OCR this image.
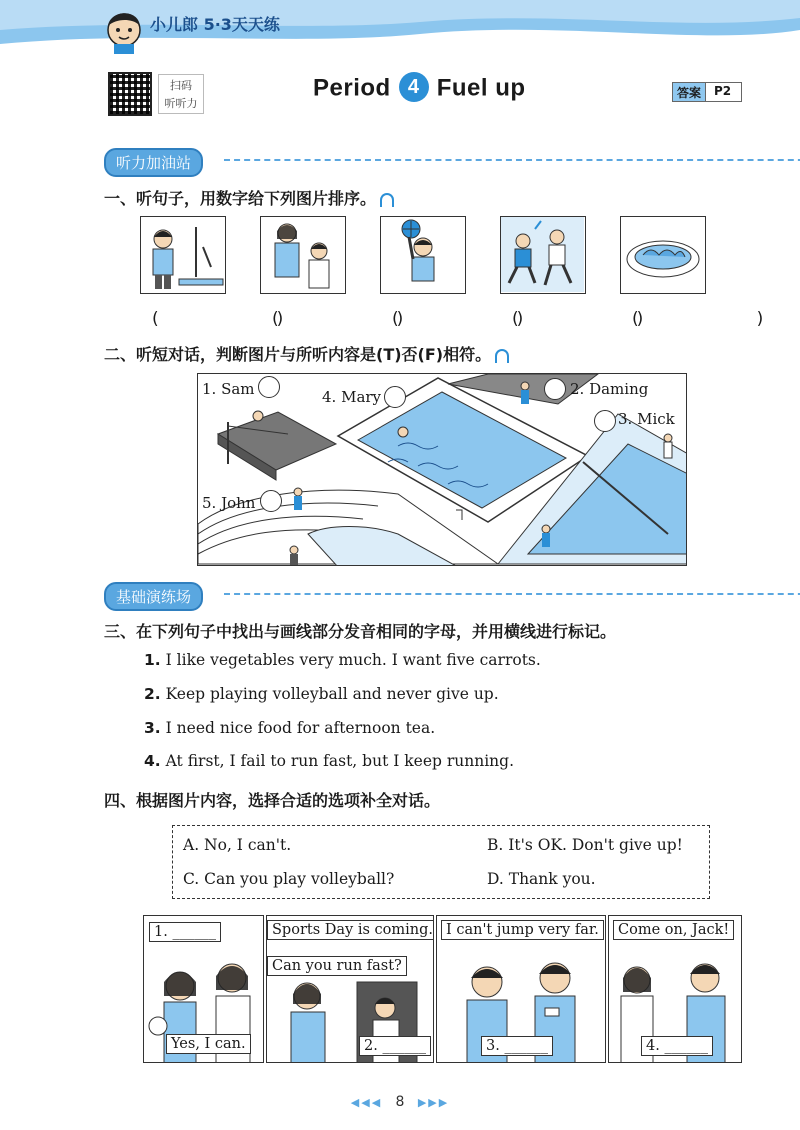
小儿郎 5·3天天练
扫码
听听力
Period 4 Fuel up	答案	P2
听力加油站
一、听句子，用数字给下列图片排序。
(　　)
(　　)
(　　)
(　　)
(　　)
二、听短对话，判断图片与所听内容是(T)否(F)相符。
1. Sam	4. Mary	2. Daming
3. Mick
5. John
基础演练场
三、在下列句子中找出与画线部分发音相同的字母，并用横线进行标记。
1. I like vegetables very much. I want five carrots.
2. Keep playing volleyball and never give up.
3. I need nice food for afternoon tea.
4. At first, I fail to run fast, but I keep running.
四、根据图片内容，选择合适的选项补全对话。
A. No, I can't.	B. It's OK. Don't give up!
C. Can you play volleyball?	D. Thank you.
1. ______
Yes, I can.
Sports Day is coming.
Can you run fast?
2. ______
I can't jump very far.
3. ______
Come on, Jack!
4. ______
◀◀◀ 8 ▶▶▶
